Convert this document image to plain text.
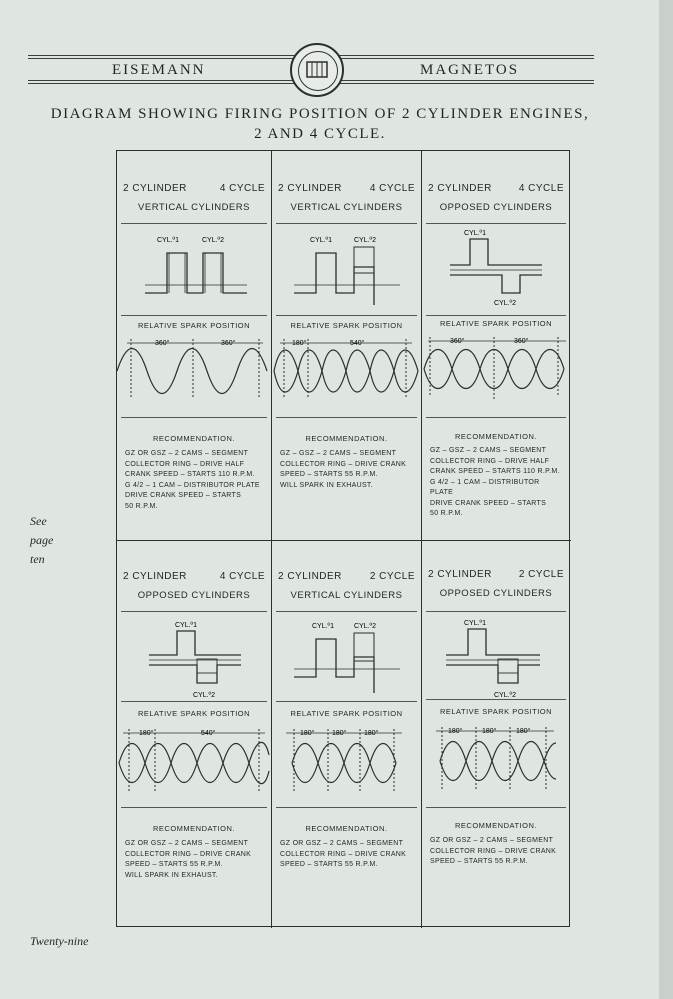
EISEMANN	MAGNETOS
DIAGRAM SHOWING FIRING POSITION OF 2 CYLINDER ENGINES,
2 AND 4 CYCLE.
See
page
ten
2 CYLINDER	4 CYCLE
VERTICAL CYLINDERS
CYL.º1	CYL.º2
RELATIVE SPARK POSITION
360°	360°
RECOMMENDATION.
GZ OR GSZ – 2 CAMS – SEGMENT
COLLECTOR RING – DRIVE HALF
CRANK SPEED – STARTS 110 R.P.M.
G 4/2 – 1 CAM – DISTRIBUTOR PLATE
DRIVE CRANK SPEED – STARTS
50 R.P.M.
2 CYLINDER	4 CYCLE
VERTICAL CYLINDERS
CYL.º1	CYL.º2
RELATIVE SPARK POSITION
180°	540°
RECOMMENDATION.
GZ – GSZ – 2 CAMS – SEGMENT
COLLECTOR RING – DRIVE CRANK
SPEED – STARTS 55 R.P.M.
WILL SPARK IN EXHAUST.
2 CYLINDER	4 CYCLE
OPPOSED CYLINDERS
CYL.º1
CYL.º2
RELATIVE SPARK POSITION
360°	360°
RECOMMENDATION.
GZ – GSZ – 2 CAMS – SEGMENT
COLLECTOR RING – DRIVE HALF
CRANK SPEED – STARTS 110 R.P.M.
G 4/2 – 1 CAM – DISTRIBUTOR PLATE
DRIVE CRANK SPEED – STARTS
50 R.P.M.
2 CYLINDER	4 CYCLE
OPPOSED CYLINDERS
CYL.º1
CYL.º2
RELATIVE SPARK POSITION
180°	540°
RECOMMENDATION.
GZ OR GSZ – 2 CAMS – SEGMENT
COLLECTOR RING – DRIVE CRANK
SPEED – STARTS 55 R.P.M.
WILL SPARK IN EXHAUST.
2 CYLINDER	2 CYCLE
VERTICAL CYLINDERS
CYL.º1	CYL.º2
RELATIVE SPARK POSITION
180°	180°	180°
RECOMMENDATION.
GZ OR GSZ – 2 CAMS – SEGMENT
COLLECTOR RING – DRIVE CRANK
SPEED – STARTS 55 R.P.M.
2 CYLINDER	2 CYCLE
OPPOSED CYLINDERS
CYL.º1
CYL.º2
RELATIVE SPARK POSITION
180°	180°	180°
RECOMMENDATION.
GZ OR GSZ – 2 CAMS – SEGMENT
COLLECTOR RING – DRIVE CRANK
SPEED – STARTS 55 R.P.M.
Twenty-nine
